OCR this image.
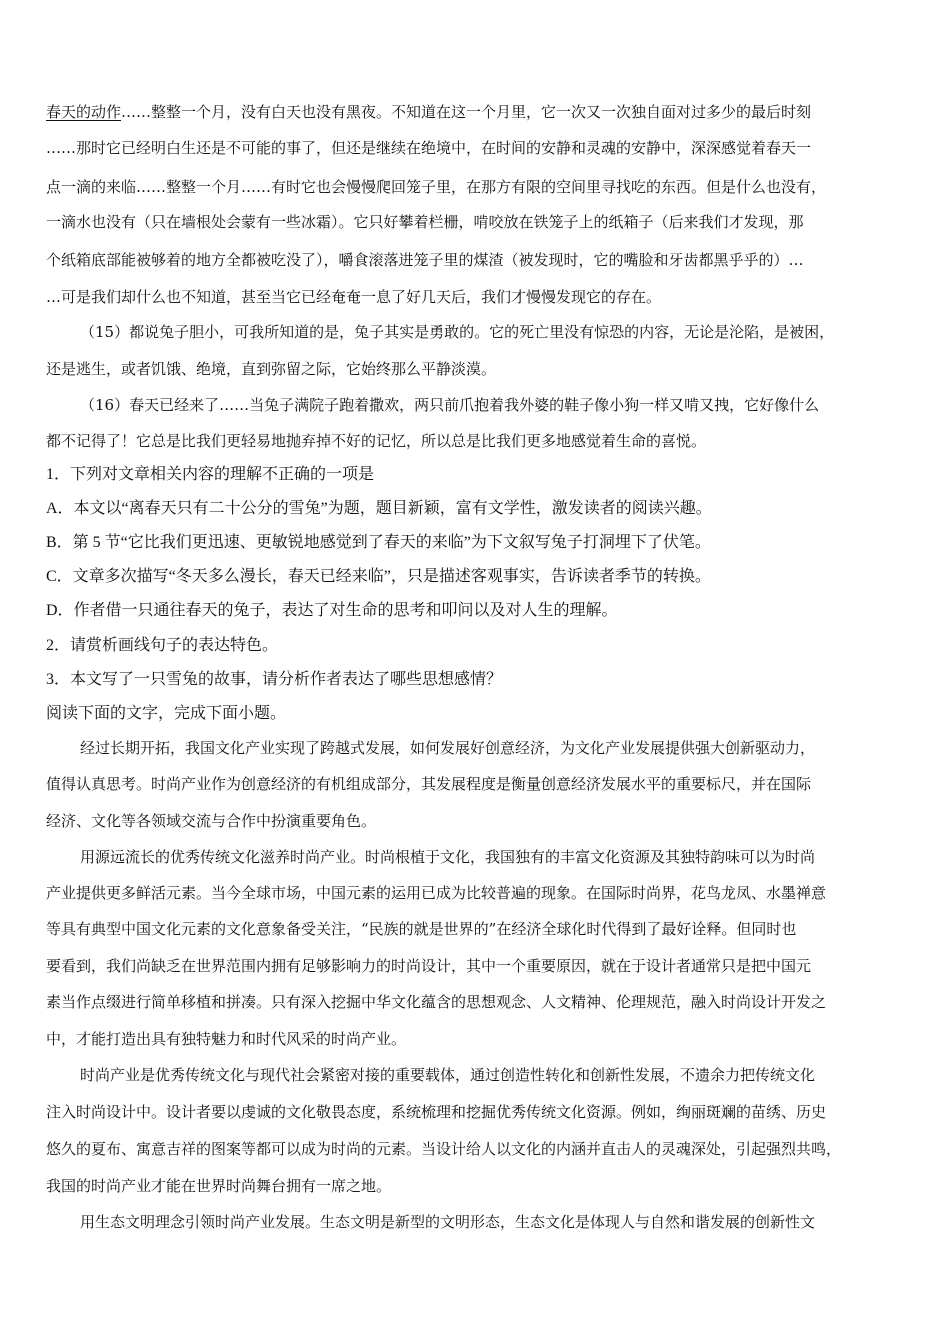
春天的动作……整整一个月，没有白天也没有黑夜。不知道在这一个月里，它一次又一次独自面对过多少的最后时刻
……那时它已经明白生还是不可能的事了，但还是继续在绝境中，在时间的安静和灵魂的安静中，深深感觉着春天一
点一滴的来临……整整一个月……有时它也会慢慢爬回笼子里，在那方有限的空间里寻找吃的东西。但是什么也没有，
一滴水也没有（只在墙根处会蒙有一些冰霜）。它只好攀着栏栅，啃咬放在铁笼子上的纸箱子（后来我们才发现，那
个纸箱底部能被够着的地方全都被吃没了），嚼食滚落进笼子里的煤渣（被发现时，它的嘴脸和牙齿都黑乎乎的）…
…可是我们却什么也不知道，甚至当它已经奄奄一息了好几天后，我们才慢慢发现它的存在。
（15）都说兔子胆小，可我所知道的是，兔子其实是勇敢的。它的死亡里没有惊恐的内容，无论是沦陷，是被困，
还是逃生，或者饥饿、绝境，直到弥留之际，它始终那么平静淡漠。
（16）春天已经来了……当兔子满院子跑着撒欢，两只前爪抱着我外婆的鞋子像小狗一样又啃又拽，它好像什么
都不记得了！它总是比我们更轻易地抛弃掉不好的记忆，所以总是比我们更多地感觉着生命的喜悦。
1．下列对文章相关内容的理解不正确的一项是
A．本文以“离春天只有二十公分的雪兔”为题，题目新颖，富有文学性，激发读者的阅读兴趣。
B．第 5 节“它比我们更迅速、更敏锐地感觉到了春天的来临”为下文叙写兔子打洞埋下了伏笔。
C．文章多次描写“冬天多么漫长，春天已经来临”，只是描述客观事实，告诉读者季节的转换。
D．作者借一只通往春天的兔子，表达了对生命的思考和叩问以及对人生的理解。
2．请赏析画线句子的表达特色。
3．本文写了一只雪兔的故事，请分析作者表达了哪些思想感情？
阅读下面的文字，完成下面小题。
经过长期开拓，我国文化产业实现了跨越式发展，如何发展好创意经济，为文化产业发展提供强大创新驱动力，
值得认真思考。时尚产业作为创意经济的有机组成部分，其发展程度是衡量创意经济发展水平的重要标尺，并在国际
经济、文化等各领域交流与合作中扮演重要角色。
用源远流长的优秀传统文化滋养时尚产业。时尚根植于文化，我国独有的丰富文化资源及其独特韵味可以为时尚
产业提供更多鲜活元素。当今全球市场，中国元素的运用已成为比较普遍的现象。在国际时尚界，花鸟龙凤、水墨禅意
等具有典型中国文化元素的文化意象备受关注，“民族的就是世界的”在经济全球化时代得到了最好诠释。但同时也
要看到，我们尚缺乏在世界范围内拥有足够影响力的时尚设计，其中一个重要原因，就在于设计者通常只是把中国元
素当作点缀进行简单移植和拼凑。只有深入挖掘中华文化蕴含的思想观念、人文精神、伦理规范，融入时尚设计开发之
中，才能打造出具有独特魅力和时代风采的时尚产业。
时尚产业是优秀传统文化与现代社会紧密对接的重要载体，通过创造性转化和创新性发展，不遗余力把传统文化
注入时尚设计中。设计者要以虔诚的文化敬畏态度，系统梳理和挖掘优秀传统文化资源。例如，绚丽斑斓的苗绣、历史
悠久的夏布、寓意吉祥的图案等都可以成为时尚的元素。当设计给人以文化的内涵并直击人的灵魂深处，引起强烈共鸣，
我国的时尚产业才能在世界时尚舞台拥有一席之地。
用生态文明理念引领时尚产业发展。生态文明是新型的文明形态，生态文化是体现人与自然和谐发展的创新性文
